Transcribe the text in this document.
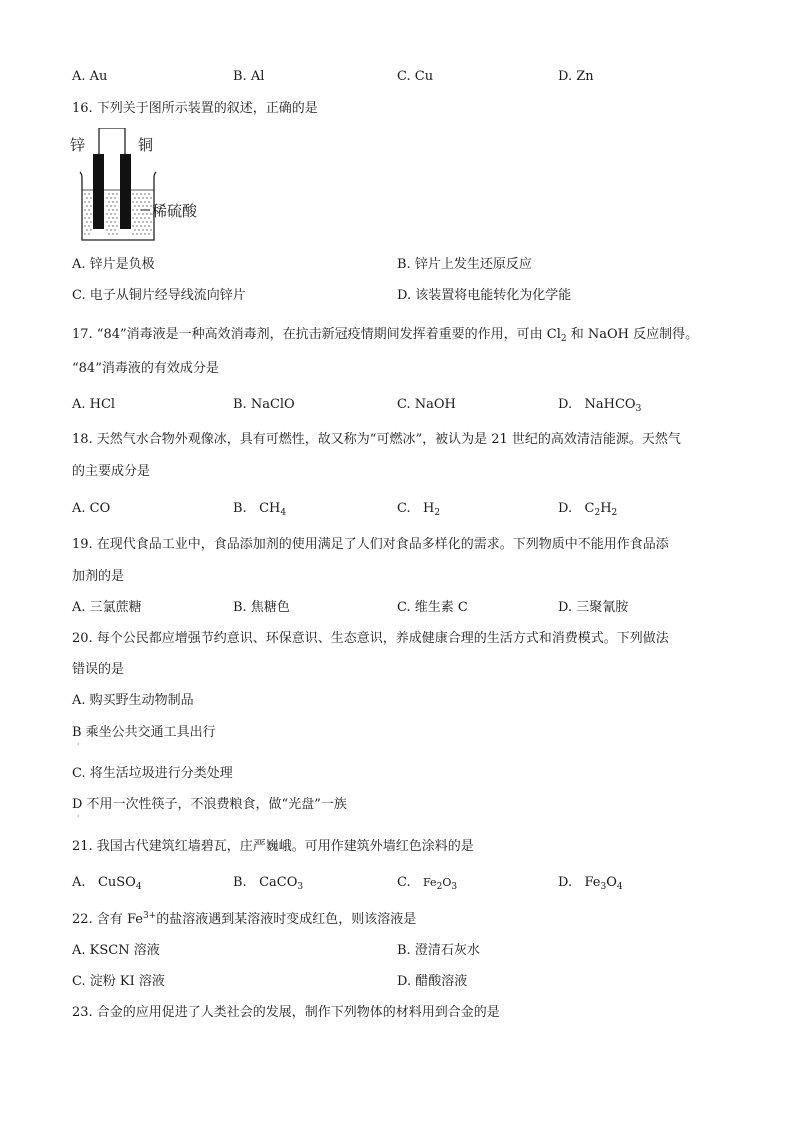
A. Au	B. Al	C. Cu	D. Zn
16. 下列关于图所示装置的叙述，正确的是
锌	铜
稀硫酸
A. 锌片是负极	B. 锌片上发生还原反应
C. 电子从铜片经导线流向锌片	D. 该装置将电能转化为化学能
17. “84”消毒液是一种高效消毒剂，在抗击新冠疫情期间发挥着重要的作用，可由 $Cl_2$ 和 NaOH 反应制得。
“84”消毒液的有效成分是
A. HCl	B. NaClO	C. NaOH	D. NaHCO$_3$
18. 天然气水合物外观像冰，具有可燃性，故又称为“可燃冰”，被认为是 21 世纪的高效清洁能源。天然气
的主要成分是
A. CO	B. $CH_4$	C. $H_2$	D. $C_2H_2$
19. 在现代食品工业中，食品添加剂的使用满足了人们对食品多样化的需求。下列物质中不能用作食品添
加剂的是
A. 三氯蔗糖	B. 焦糖色	C. 维生素 C	D. 三聚氰胺
20. 每个公民都应增强节约意识、环保意识、生态意识，养成健康合理的生活方式和消费模式。下列做法
错误的是
A. 购买野生动物制品
B 乘坐公共交通工具出行
·
C. 将生活垃圾进行分类处理
D 不用一次性筷子，不浪费粮食，做“光盘”一族
·
21. 我国古代建筑红墙碧瓦，庄严巍峨。可用作建筑外墙红色涂料的是
A. CuSO$_4$	B. CaCO$_3$	C. $Fe_2O_3$	D. $Fe_3O_4$
22. 含有 $Fe^{3+}$的盐溶液遇到某溶液时变成红色，则该溶液是
A. KSCN 溶液	B. 澄清石灰水
C. 淀粉 KI 溶液	D. 醋酸溶液
23. 合金的应用促进了人类社会的发展，制作下列物体的材料用到合金的是
